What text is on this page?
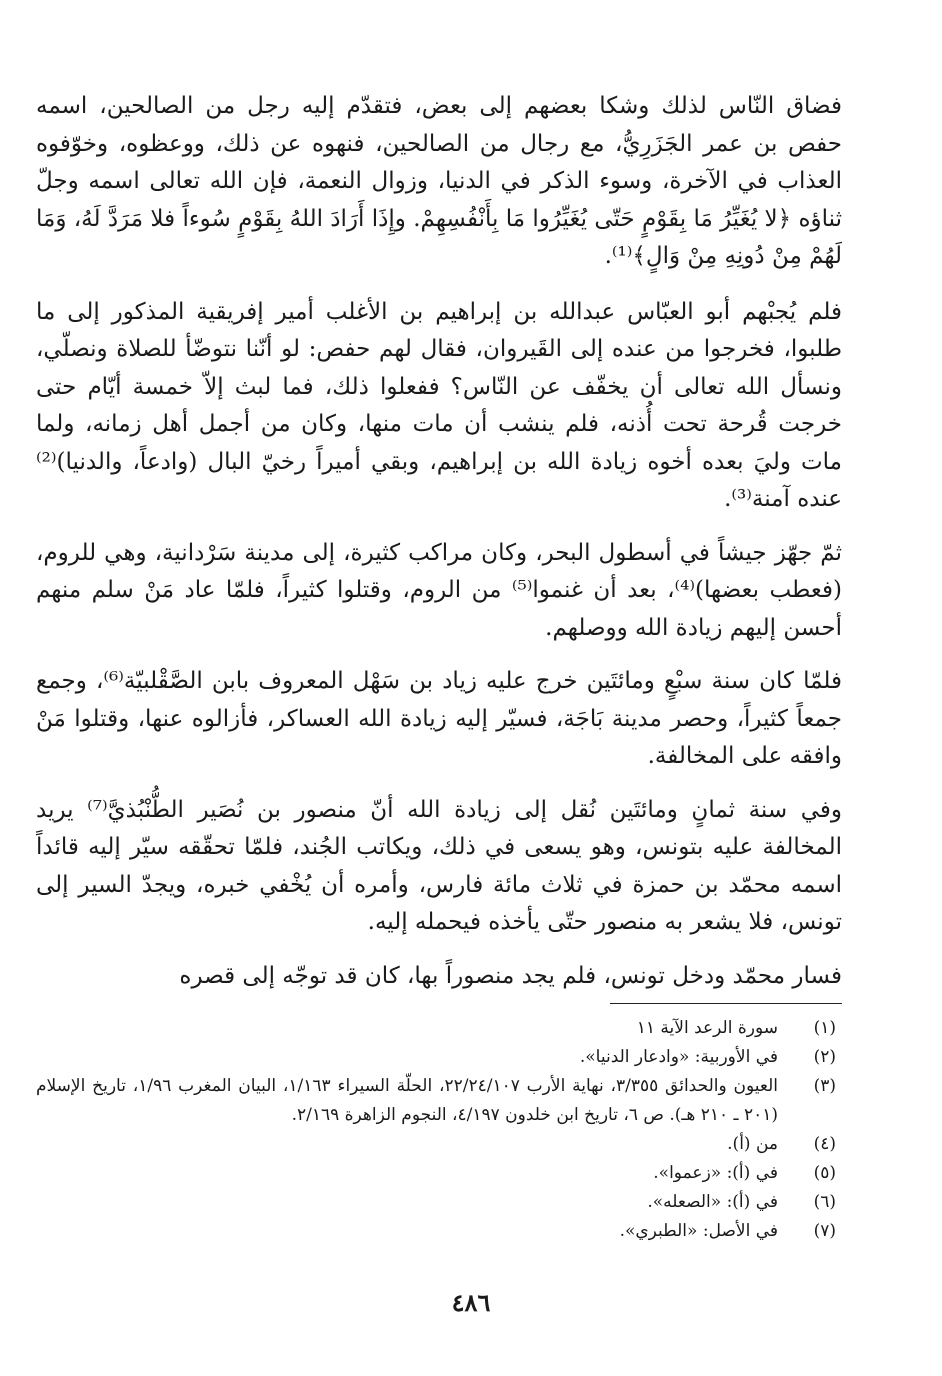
فضاق النّاس لذلك وشكا بعضهم إلى بعض، فتقدّم إليه رجل من الصالحين، اسمه حفص بن عمر الجَزَرِيُّ، مع رجال من الصالحين، فنهوه عن ذلك، ووعظوه، وخوّفوه العذاب في الآخرة، وسوء الذكر في الدنيا، وزوال النعمة، فإن الله تعالى اسمه وجلّ ثناؤه ﴿لا يُغَيِّرُ مَا بِقَوْمٍ حَتّى يُغَيِّرُوا مَا بِأَنْفُسِهِمْ. وإِذَا أَرَادَ اللهُ بِقَوْمٍ سُوءاً فلا مَرَدَّ لَهُ، وَمَا لَهُمْ مِنْ دُونِهِ مِنْ وَالٍ﴾⁽¹⁾.

فلم يُجبْهم أبو العبّاس عبدالله بن إبراهيم بن الأغلب أمير إفريقية المذكور إلى ما طلبوا، فخرجوا من عنده إلى القَيروان، فقال لهم حفص: لو أنّنا نتوضّأ للصلاة ونصلّي، ونسأل الله تعالى أن يخفّف عن النّاس؟ ففعلوا ذلك، فما لبث إلاّ خمسة أيّام حتى خرجت قُرحة تحت أُذنه، فلم ينشب أن مات منها، وكان من أجمل أهل زمانه، ولما مات وليَ بعده أخوه زيادة الله بن إبراهيم، وبقي أميراً رخيّ البال (وادعاً، والدنيا)⁽²⁾ عنده آمنة⁽³⁾.

ثمّ جهّز جيشاً في أسطول البحر، وكان مراكب كثيرة، إلى مدينة سَرْدانية، وهي للروم، (فعطب بعضها)⁽⁴⁾، بعد أن غنموا⁽⁵⁾ من الروم، وقتلوا كثيراً، فلمّا عاد مَنْ سلم منهم أحسن إليهم زيادة الله ووصلهم.

فلمّا كان سنة سبْعٍ ومائتَين خرج عليه زياد بن سَهْل المعروف بابن الصَّقْلبيّة⁽⁶⁾، وجمع جمعاً كثيراً، وحصر مدينة بَاجَة، فسيّر إليه زيادة الله العساكر، فأزالوه عنها، وقتلوا مَنْ وافقه على المخالفة.

وفي سنة ثمانٍ ومائتَين نُقل إلى زيادة الله أنّ منصور بن نُصَير الطُّنْبُذيَّ⁽⁷⁾ يريد المخالفة عليه بتونس، وهو يسعى في ذلك، ويكاتب الجُند، فلمّا تحقّقه سيّر إليه قائداً اسمه محمّد بن حمزة في ثلاث مائة فارس، وأمره أن يُخْفي خبره، ويجدّ السير إلى تونس، فلا يشعر به منصور حتّى يأخذه فيحمله إليه.

فسار محمّد ودخل تونس، فلم يجد منصوراً بها، كان قد توجّه إلى قصره

(١)
سورة الرعد الآية ١١
(٢)
في الأوربية: «وادعار الدنيا».
(٣)
العيون والحدائق ٣/٣٥٥، نهاية الأرب ٢٢/٢٤/١٠٧، الحلّة السيراء ١/١٦٣، البيان المغرب ١/٩٦، تاريخ الإسلام (٢٠١ ـ ٢١٠ هـ). ص ٦، تاريخ ابن خلدون ٤/١٩٧، النجوم الزاهرة ٢/١٦٩.
(٤)
من (أ).
(٥)
في (أ): «زعموا».
(٦)
في (أ): «الصعله».
(٧)
في الأصل: «الطبري».
٤٨٦
